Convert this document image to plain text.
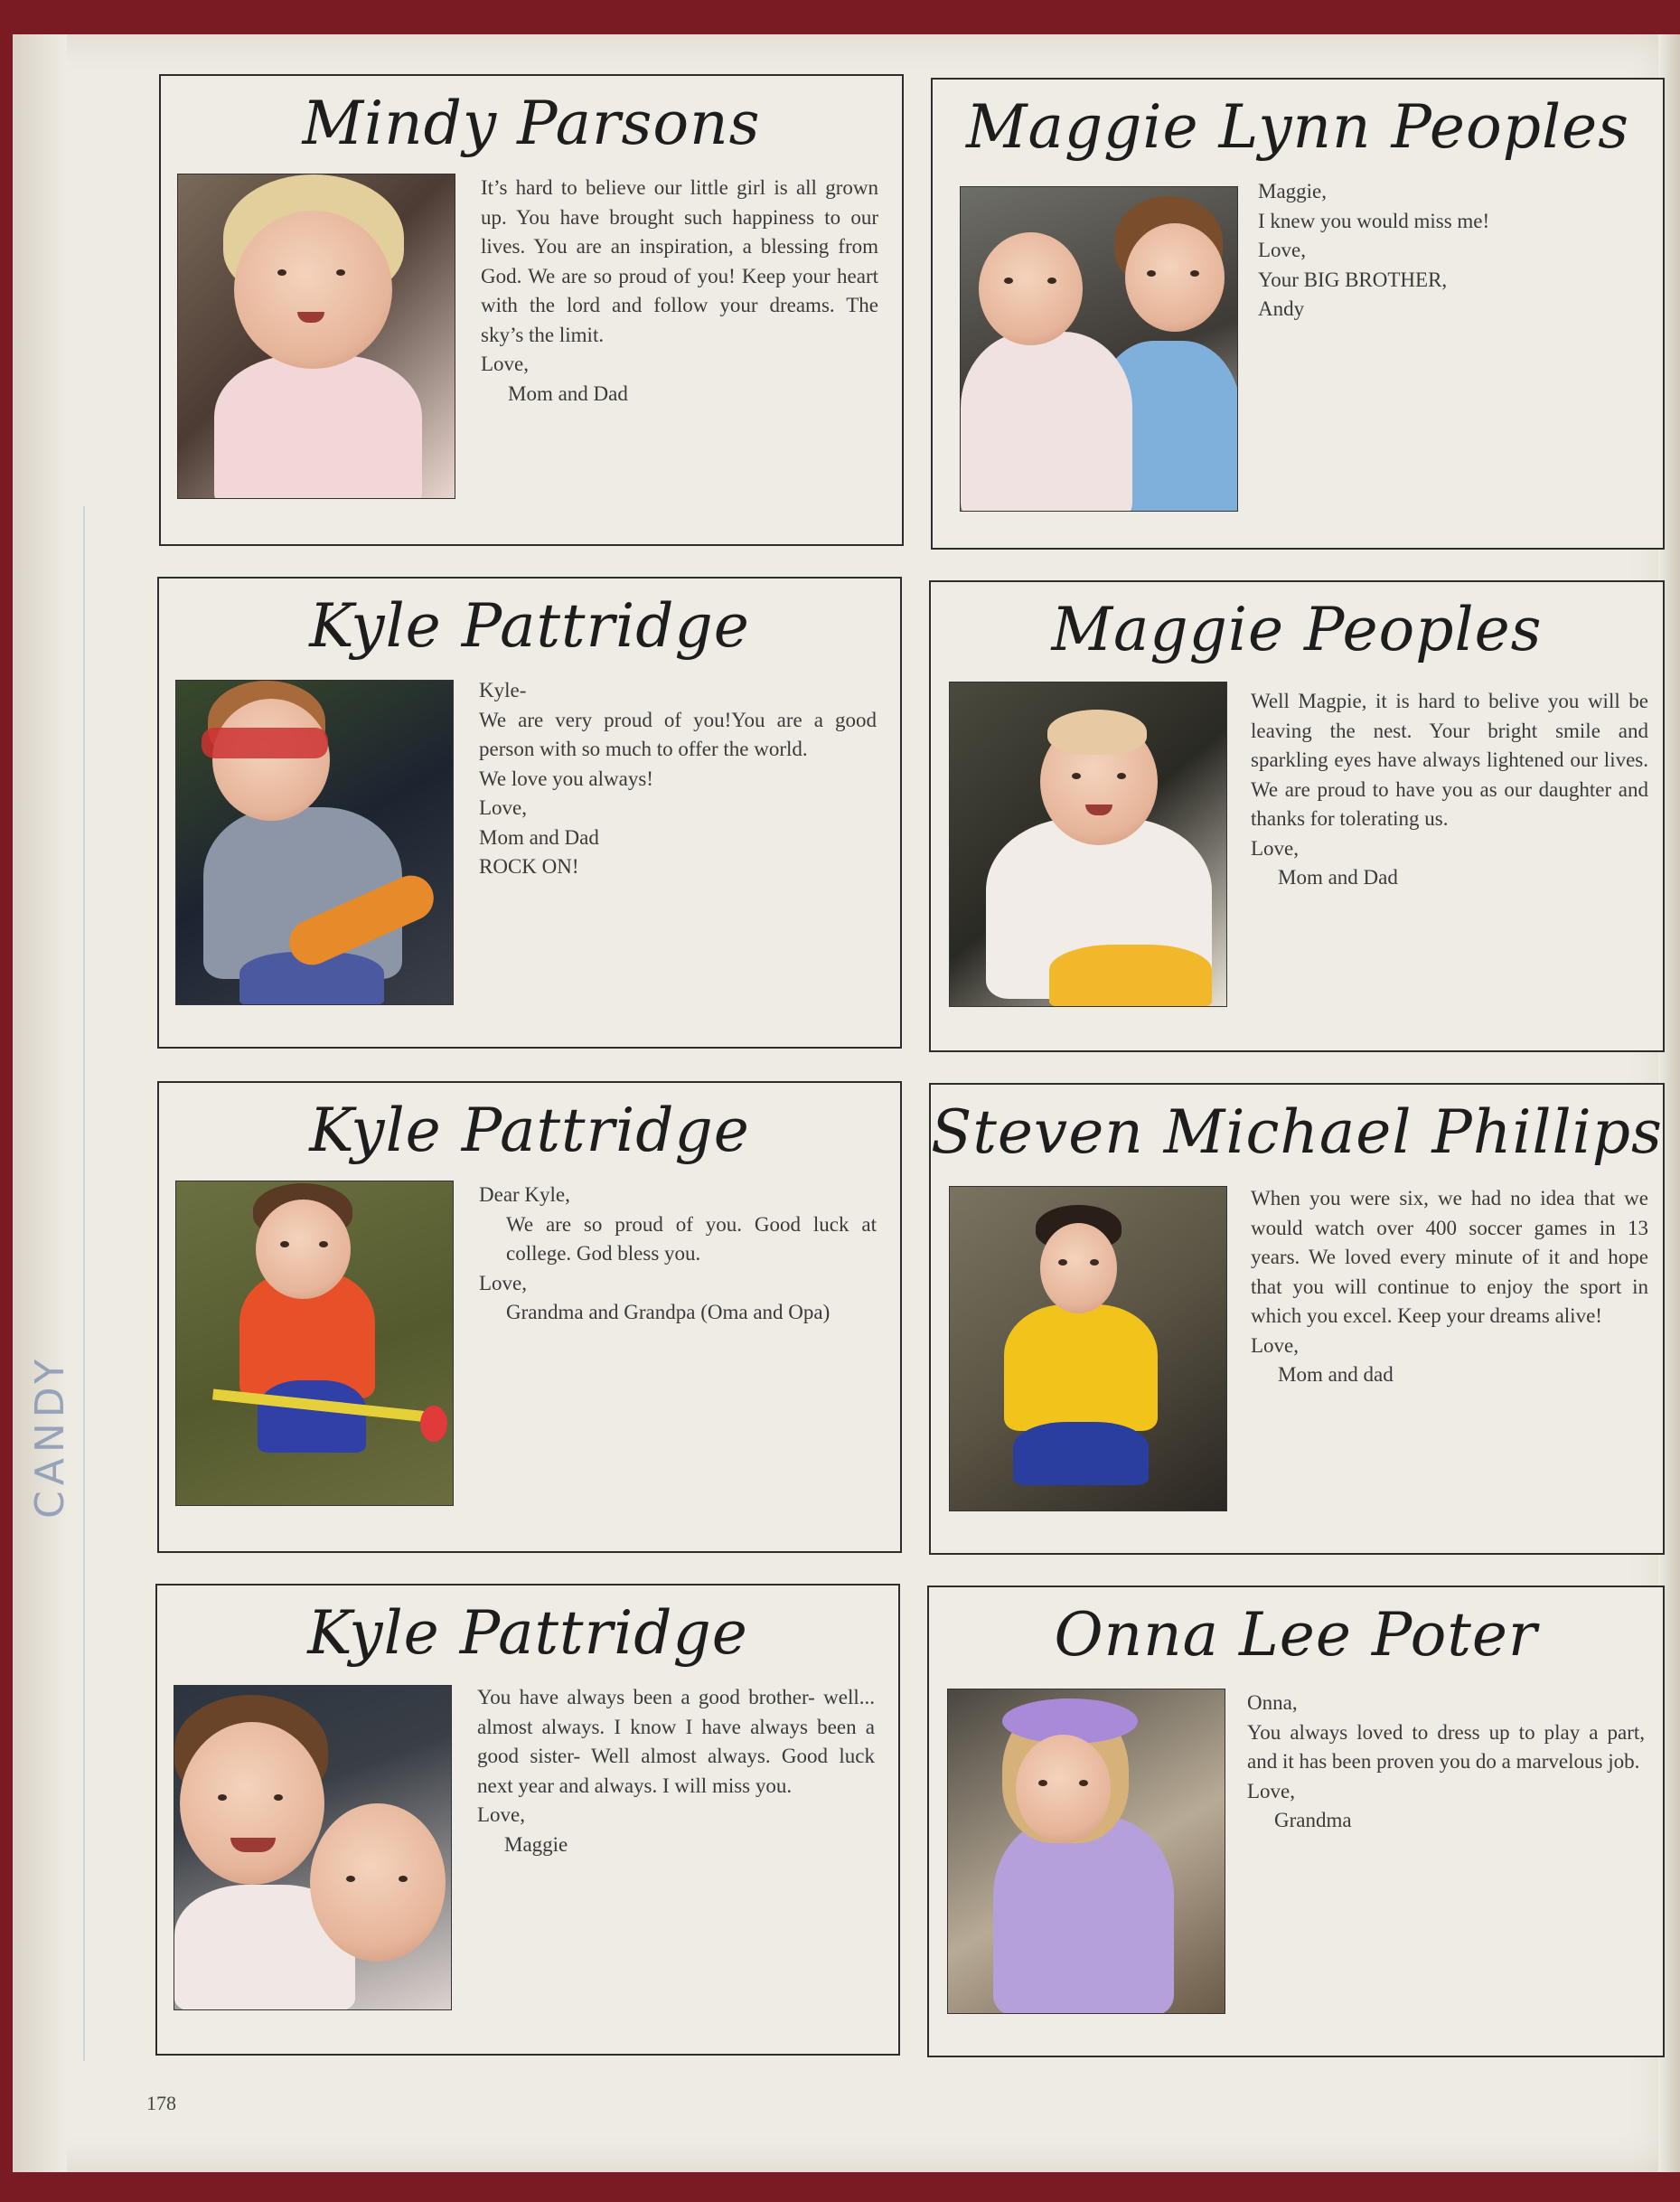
CANDY
Mindy Parsons
It’s hard to believe our little girl is all grown up. You have brought such happiness to our lives. You are an inspiration, a blessing from God. We are so proud of you! Keep your heart with the lord and follow your dreams. The sky’s the limit.
Love,
Mom and Dad
Maggie Lynn Peoples
Maggie,
I knew you would miss me!
Love,
Your BIG BROTHER,
Andy
Kyle Pattridge
Kyle-
We are very proud of you!You are a good person with so much to offer the world.
We love you always!
Love,
Mom and Dad
ROCK ON!
Maggie Peoples
Well Magpie, it is hard to belive you will be leaving the nest. Your bright smile and sparkling eyes have always lightened our lives. We are proud to have you as our daughter and thanks for tolerating us.
Love,
Mom and Dad
Kyle Pattridge
Dear Kyle,
We are so proud of you. Good luck at college. God bless you.
Love,
Grandma and Grandpa (Oma and Opa)
Steven Michael Phillips
When you were six, we had no idea that we would watch over 400 soccer games in 13 years. We loved every minute of it and hope that you will continue to enjoy the sport in which you excel. Keep your dreams alive!
Love,
Mom and dad
Kyle Pattridge
You have always been a good brother- well... almost always. I know I have always been a good sister- Well almost always. Good luck next year and always. I will miss you.
Love,
Maggie
Onna Lee Poter
Onna,
You always loved to dress up to play a part, and it has been proven you do a marvelous job.
Love,
Grandma
178
